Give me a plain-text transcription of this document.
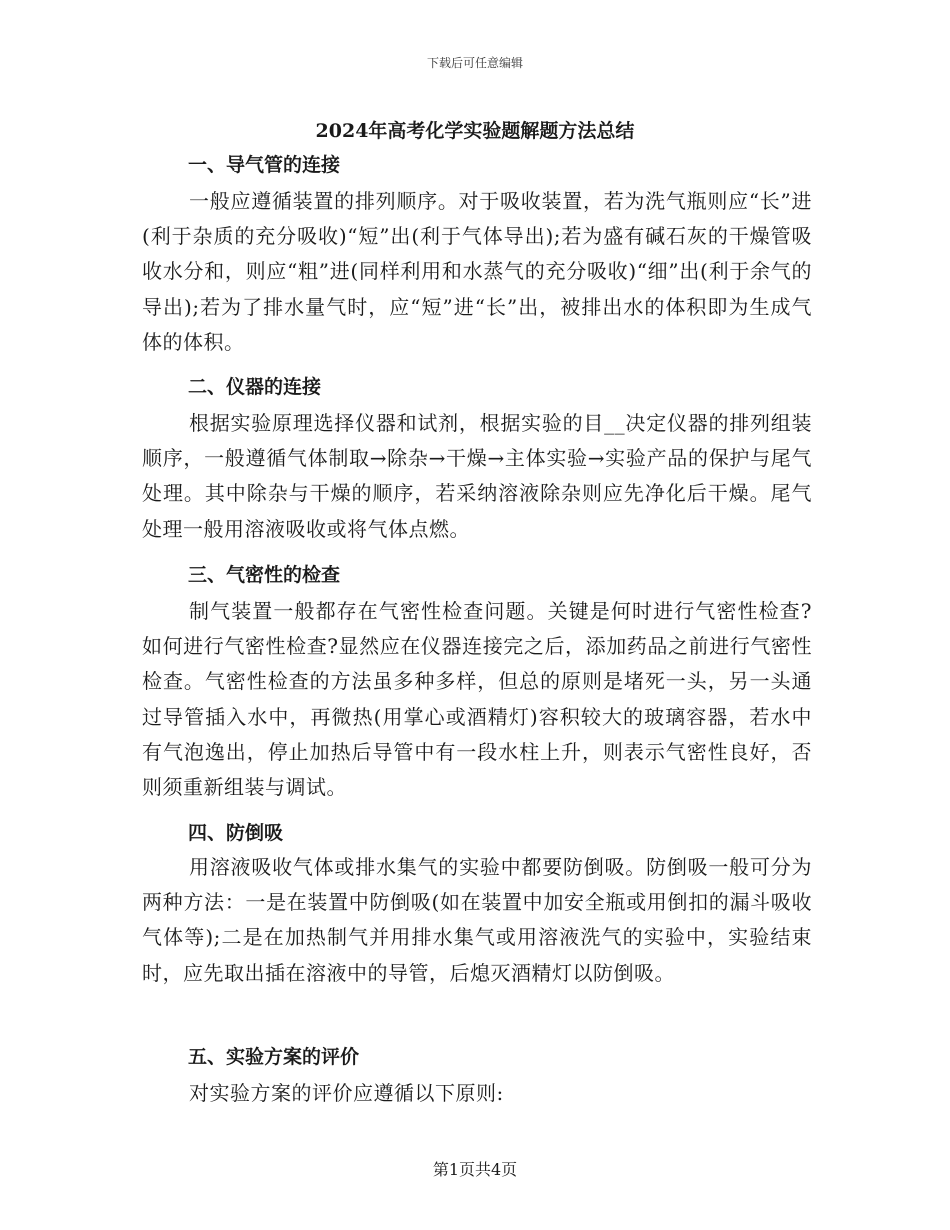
下载后可任意编辑
2024年高考化学实验题解题方法总结
一、导气管的连接
一般应遵循装置的排列顺序。对于吸收装置，若为洗气瓶则应“长”进(利于杂质的充分吸收)“短”出(利于气体导出);若为盛有碱石灰的干燥管吸收水分和，则应“粗”进(同样利用和水蒸气的充分吸收)“细”出(利于余气的导出);若为了排水量气时，应“短”进“长”出，被排出水的体积即为生成气体的体积。
二、仪器的连接
根据实验原理选择仪器和试剂，根据实验的目__决定仪器的排列组装顺序，一般遵循气体制取→除杂→干燥→主体实验→实验产品的保护与尾气处理。其中除杂与干燥的顺序，若采纳溶液除杂则应先净化后干燥。尾气处理一般用溶液吸收或将气体点燃。
三、气密性的检查
制气装置一般都存在气密性检查问题。关键是何时进行气密性检查?如何进行气密性检查?显然应在仪器连接完之后，添加药品之前进行气密性检查。气密性检查的方法虽多种多样，但总的原则是堵死一头，另一头通过导管插入水中，再微热(用掌心或酒精灯)容积较大的玻璃容器，若水中有气泡逸出，停止加热后导管中有一段水柱上升，则表示气密性良好，否则须重新组装与调试。
四、防倒吸
用溶液吸收气体或排水集气的实验中都要防倒吸。防倒吸一般可分为两种方法：一是在装置中防倒吸(如在装置中加安全瓶或用倒扣的漏斗吸收气体等);二是在加热制气并用排水集气或用溶液洗气的实验中，实验结束时，应先取出插在溶液中的导管，后熄灭酒精灯以防倒吸。
五、实验方案的评价
对实验方案的评价应遵循以下原则:
第1页共4页
